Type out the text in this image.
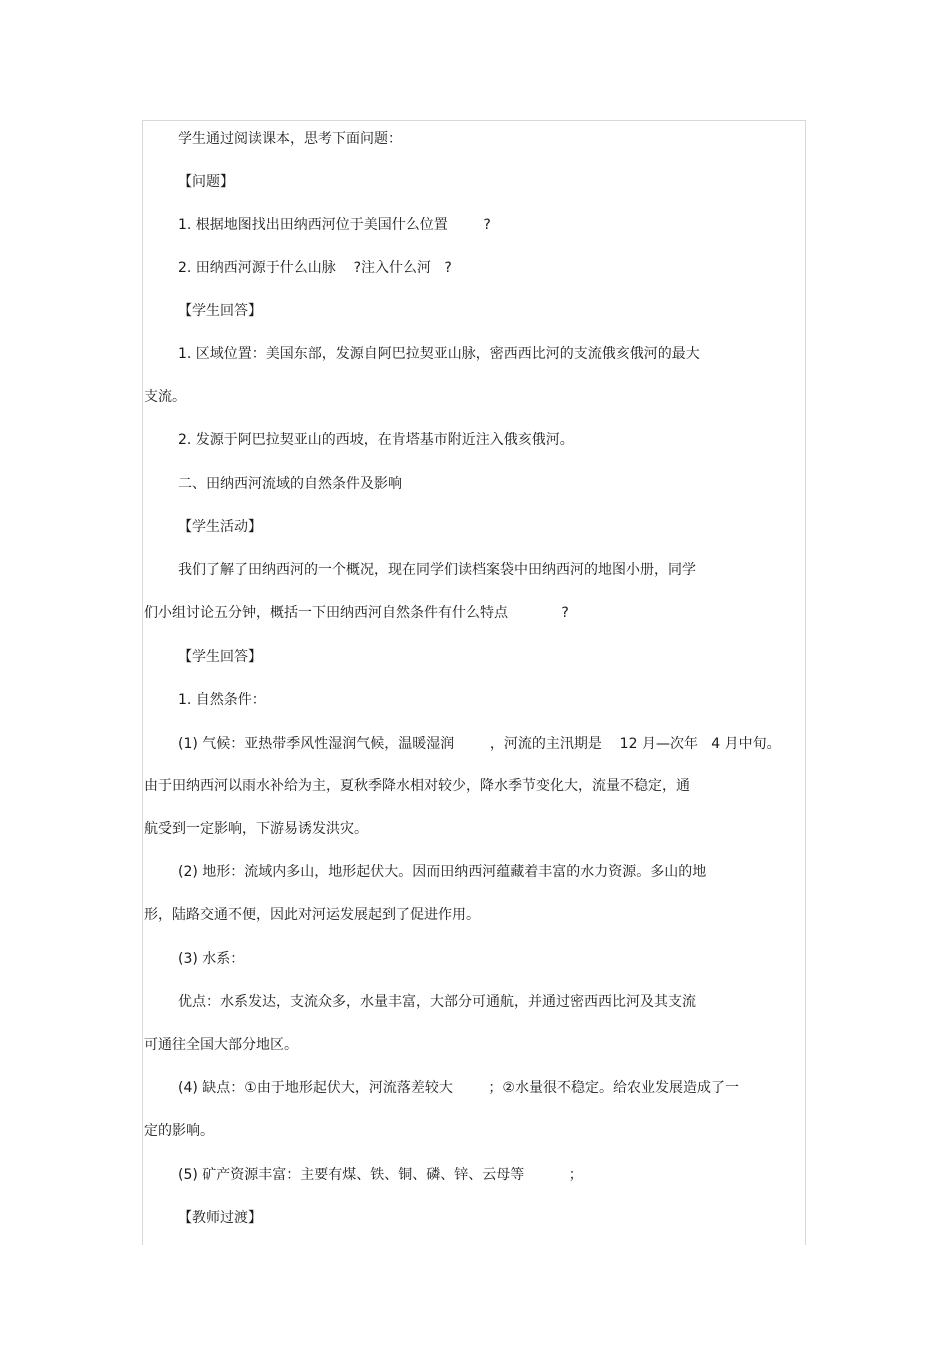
学生通过阅读课本，思考下面问题：
【问题】
1. 根据地图找出田纳西河位于美国什么位置        ?
2. 田纳西河源于什么山脉    ?注入什么河   ?
【学生回答】
1. 区域位置：美国东部，发源自阿巴拉契亚山脉，密西西比河的支流俄亥俄河的最大
支流。
2. 发源于阿巴拉契亚山的西坡，在肯塔基市附近注入俄亥俄河。
二、田纳西河流域的自然条件及影响
【学生活动】
我们了解了田纳西河的一个概况，现在同学们读档案袋中田纳西河的地图小册，同学
们小组讨论五分钟，概括一下田纳西河自然条件有什么特点            ?
【学生回答】
1. 自然条件：
(1) 气候：亚热带季风性湿润气候，温暖湿润        ，河流的主汛期是    12 月—次年   4 月中旬。
由于田纳西河以雨水补给为主，夏秋季降水相对较少，降水季节变化大，流量不稳定，通
航受到一定影响，下游易诱发洪灾。
(2) 地形：流域内多山，地形起伏大。因而田纳西河蕴藏着丰富的水力资源。多山的地
形，陆路交通不便，因此对河运发展起到了促进作用。
(3) 水系：
优点：水系发达，支流众多，水量丰富，大部分可通航，并通过密西西比河及其支流
可通往全国大部分地区。
(4) 缺点：①由于地形起伏大，河流落差较大        ；②水量很不稳定。给农业发展造成了一
定的影响。
(5) 矿产资源丰富：主要有煤、铁、铜、磷、锌、云母等          ；
【教师过渡】
